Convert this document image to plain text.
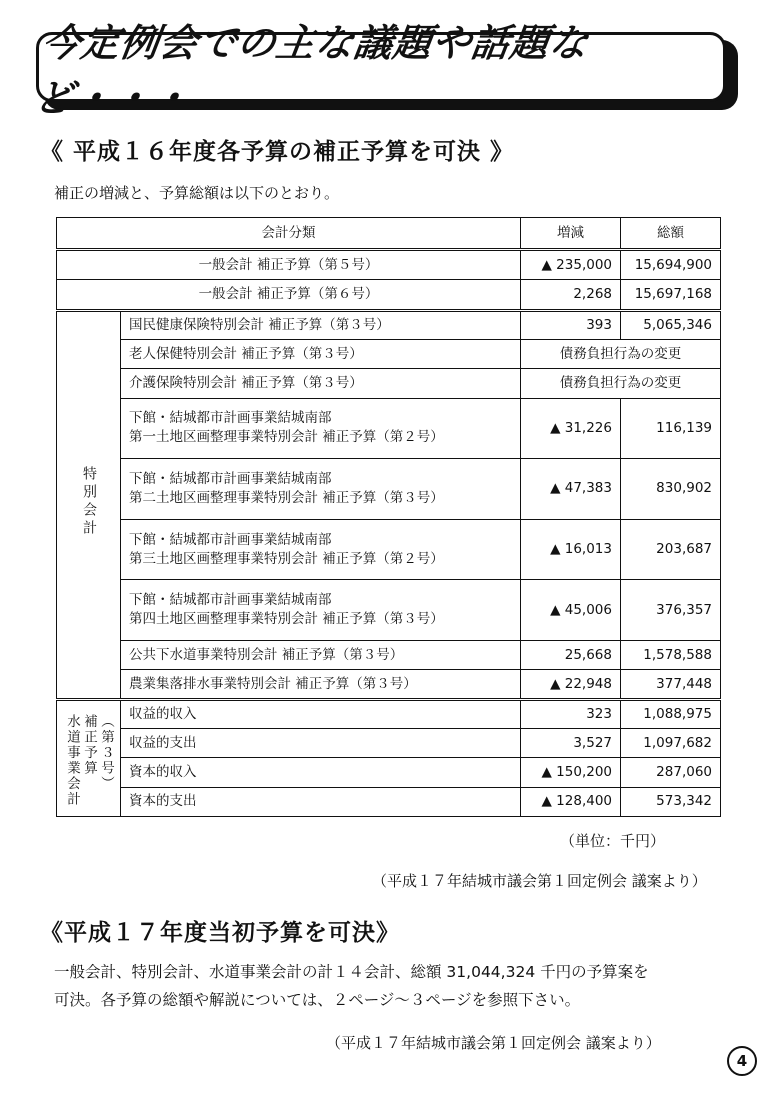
今定例会での主な議題や話題など・・・
《 平成１６年度各予算の補正予算を可決 》
補正の増減と、予算総額は以下のとおり。
会計分類		増減	総額
一般会計 補正予算（第５号）		▲ 235,000	15,694,900
一般会計 補正予算（第６号）		2,268	15,697,168
特別会計	国民健康保険特別会計 補正予算（第３号）	393	5,065,346
	老人保健特別会計 補正予算（第３号）	債務負担行為の変更	
	介護保険特別会計 補正予算（第３号）	債務負担行為の変更	

	下館・結城都市計画事業結城南部
第一土地区画整理事業特別会計 補正予算（第２号）	▲ 31,226	116,139

	下館・結城都市計画事業結城南部
第二土地区画整理事業特別会計 補正予算（第３号）	▲ 47,383	830,902

	下館・結城都市計画事業結城南部
第三土地区画整理事業特別会計 補正予算（第２号）	▲ 16,013	203,687

	下館・結城都市計画事業結城南部
第四土地区画整理事業特別会計 補正予算（第３号）	▲ 45,006	376,357
	公共下水道事業特別会計 補正予算（第３号）	25,668	1,578,588
	農業集落排水事業特別会計 補正予算（第３号）	▲ 22,948	377,448

水道事業会計 補正予算 （第３号）	収益的収入	323	1,088,975
	収益的支出	3,527	1,097,682
	資本的収入	▲ 150,200	287,060
	資本的支出	▲ 128,400	573,342
（単位：千円）
（平成１７年結城市議会第１回定例会 議案より）
《平成１７年度当初予算を可決》
一般会計、特別会計、水道事業会計の計１４会計、総額 31,044,324 千円の予算案を
可決。各予算の総額や解説については、２ページ～３ページを参照下さい。
（平成１７年結城市議会第１回定例会 議案より）
4
